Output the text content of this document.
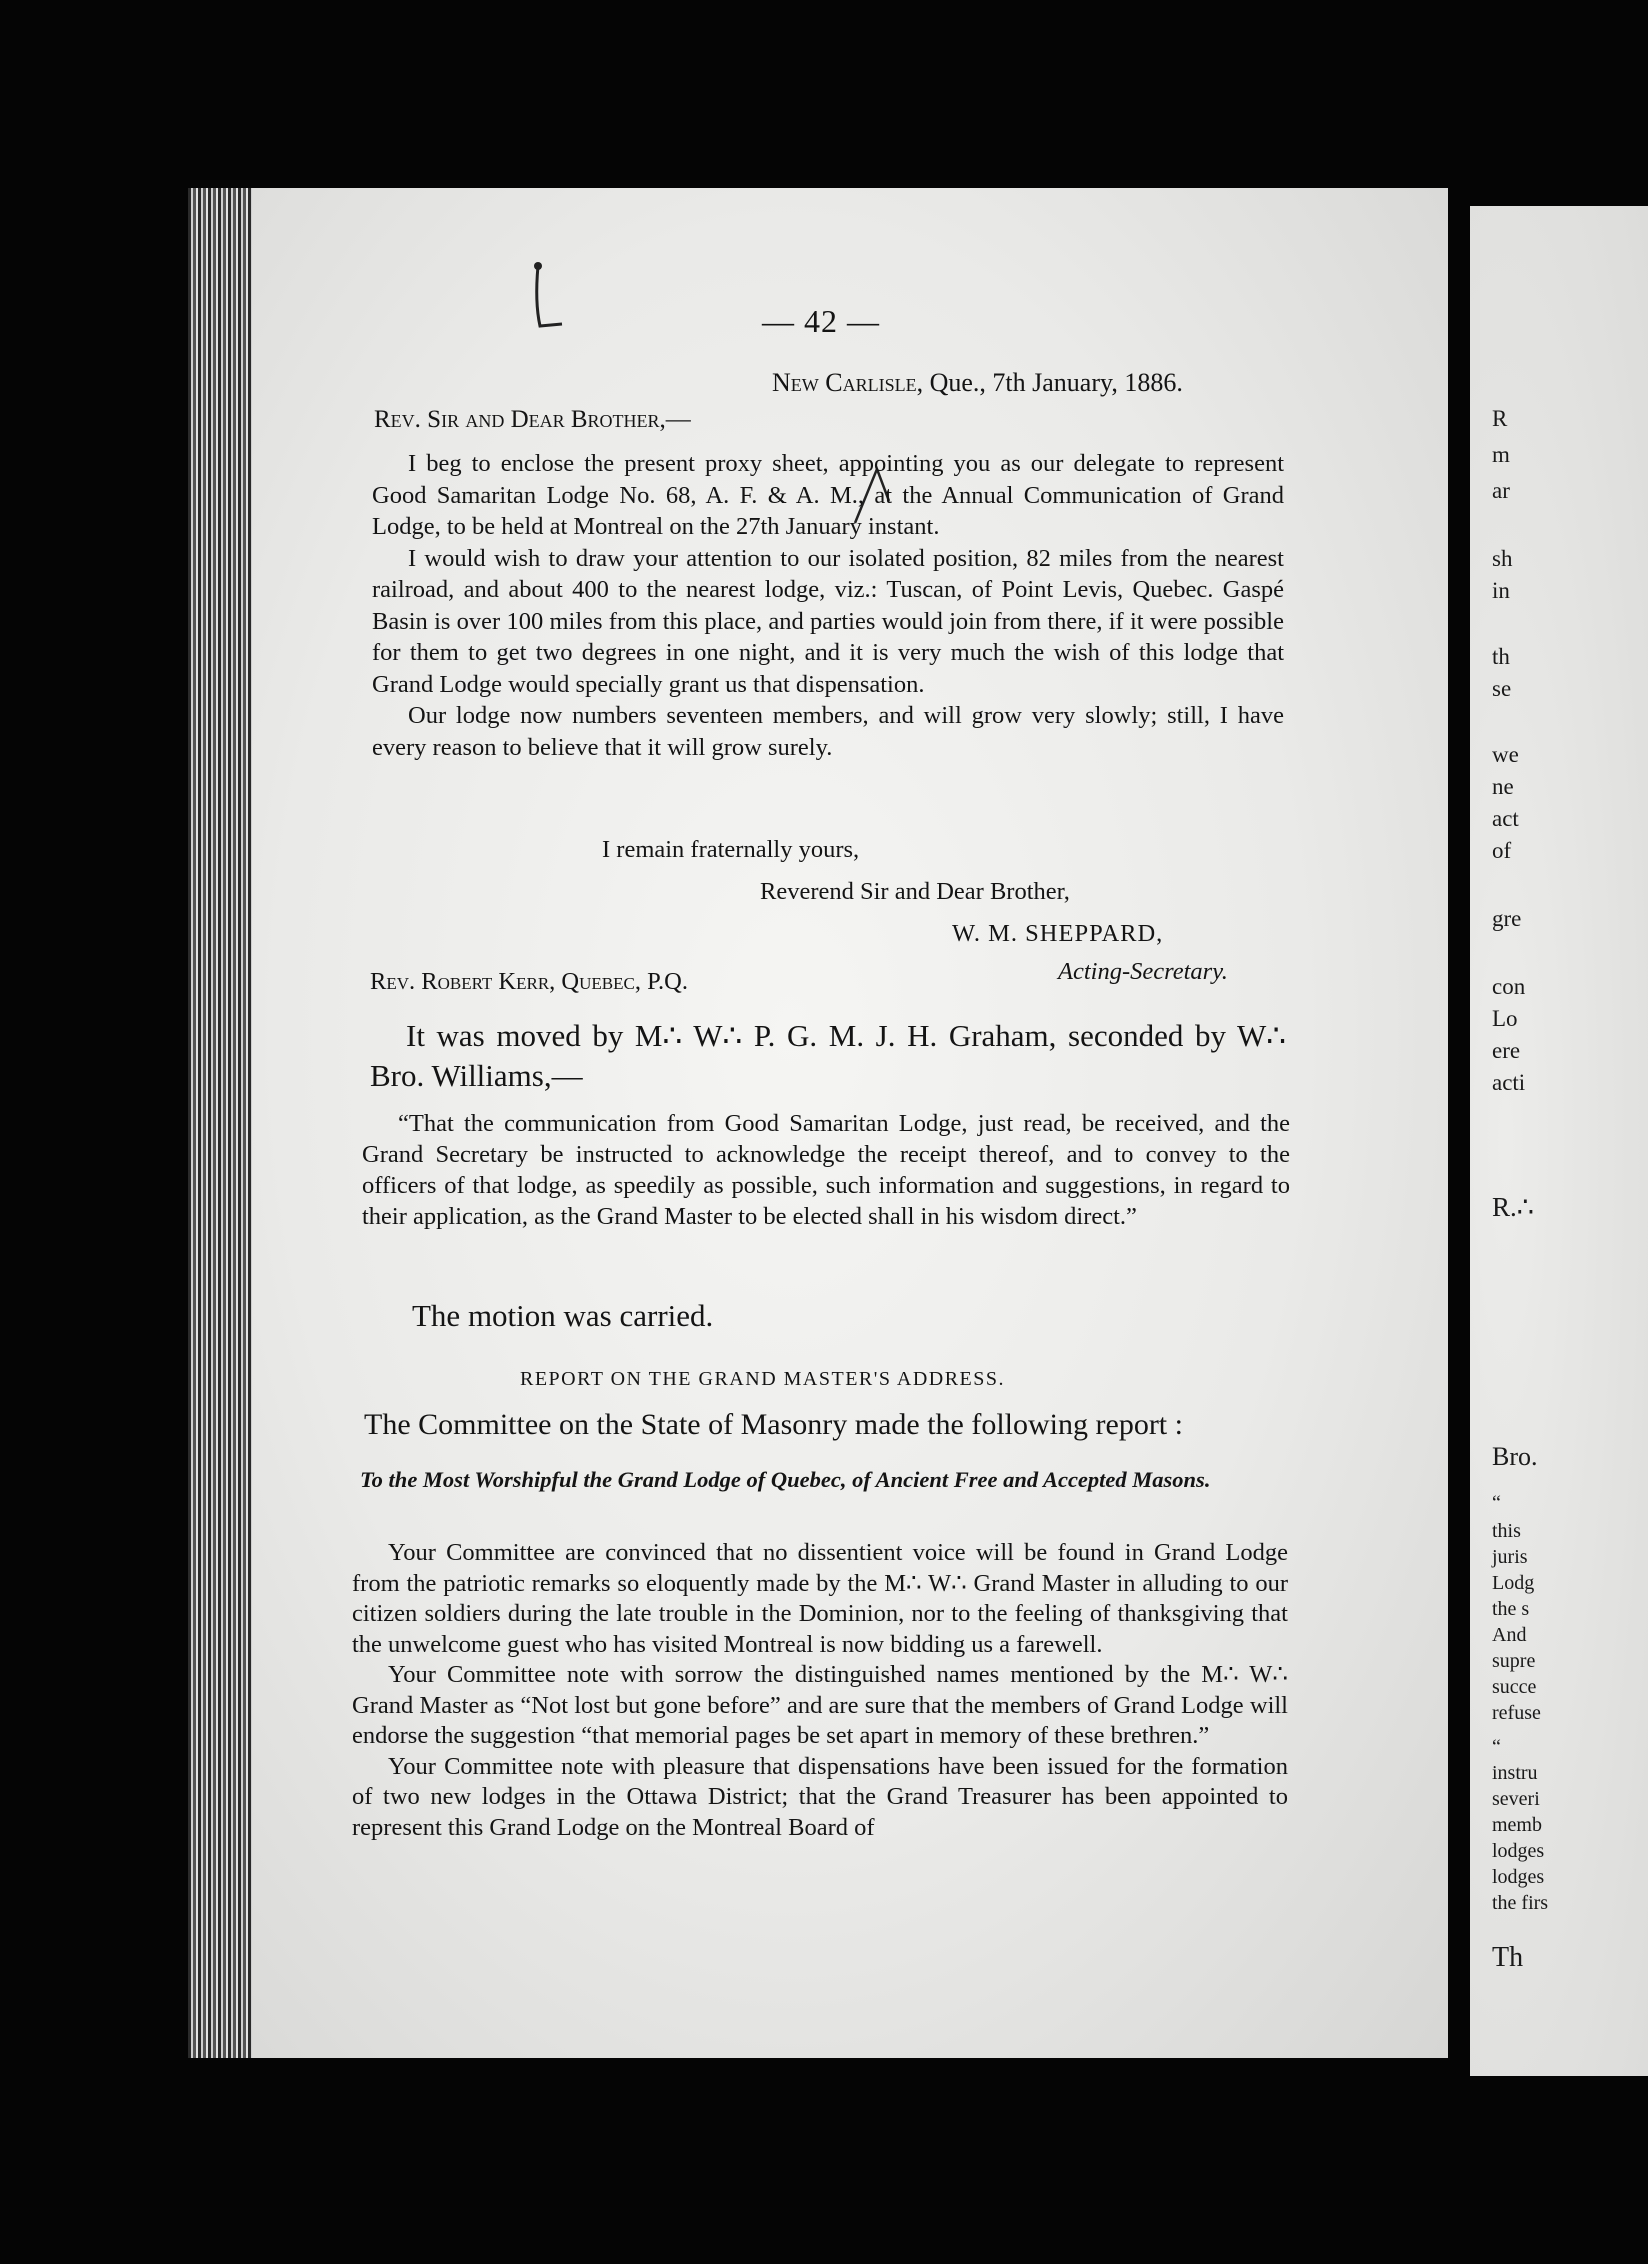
— 42 —
New Carlisle, Que., 7th January, 1886.
Rev. Sir and Dear Brother,—

I beg to enclose the present proxy sheet, appointing you as our delegate to represent Good Samaritan Lodge No. 68, A. F. & A. M., at the Annual Communication of Grand Lodge, to be held at Montreal on the 27th January instant.

I would wish to draw your attention to our isolated position, 82 miles from the nearest railroad, and about 400 to the nearest lodge, viz.: Tuscan, of Point Levis, Quebec. Gaspé Basin is over 100 miles from this place, and parties would join from there, if it were possible for them to get two degrees in one night, and it is very much the wish of this lodge that Grand Lodge would specially grant us that dispensation.

Our lodge now numbers seventeen members, and will grow very slowly; still, I have every reason to believe that it will grow surely.

I remain fraternally yours,
Reverend Sir and Dear Brother,
W. M. SHEPPARD,
Acting-Secretary.
Rev. Robert Kerr, Quebec, P.Q.
It was moved by M∴ W∴ P. G. M. J. H. Graham, seconded by W∴ Bro. Williams,—

“That the communication from Good Samaritan Lodge, just read, be received, and the Grand Secretary be instructed to acknowledge the receipt thereof, and to convey to the officers of that lodge, as speedily as possible, such information and suggestions, in regard to their application, as the Grand Master to be elected shall in his wisdom direct.”

The motion was carried.
REPORT ON THE GRAND MASTER'S ADDRESS.
The Committee on the State of Masonry made the following report :

To the Most Worshipful the Grand Lodge of Quebec, of Ancient Free and Accepted Masons.

Your Committee are convinced that no dissentient voice will be found in Grand Lodge from the patriotic remarks so eloquently made by the M∴ W∴ Grand Master in alluding to our citizen soldiers during the late trouble in the Dominion, nor to the feeling of thanksgiving that the unwelcome guest who has visited Montreal is now bidding us a farewell.

Your Committee note with sorrow the distinguished names mentioned by the M∴ W∴ Grand Master as “Not lost but gone before” and are sure that the members of Grand Lodge will endorse the suggestion “that memorial pages be set apart in memory of these brethren.”

Your Committee note with pleasure that dispensations have been issued for the formation of two new lodges in the Ottawa District; that the Grand Treasurer has been appointed to represent this Grand Lodge on the Montreal Board of

R
m
ar
sh
in
th
se
we
ne
act
of
gre
con
Lo
ere
acti
R.∴
Bro.
“
this
juris
Lodg
the s
And
supre
succe
refuse
“
instru
severi
memb
lodges
lodges
the firs
Th
